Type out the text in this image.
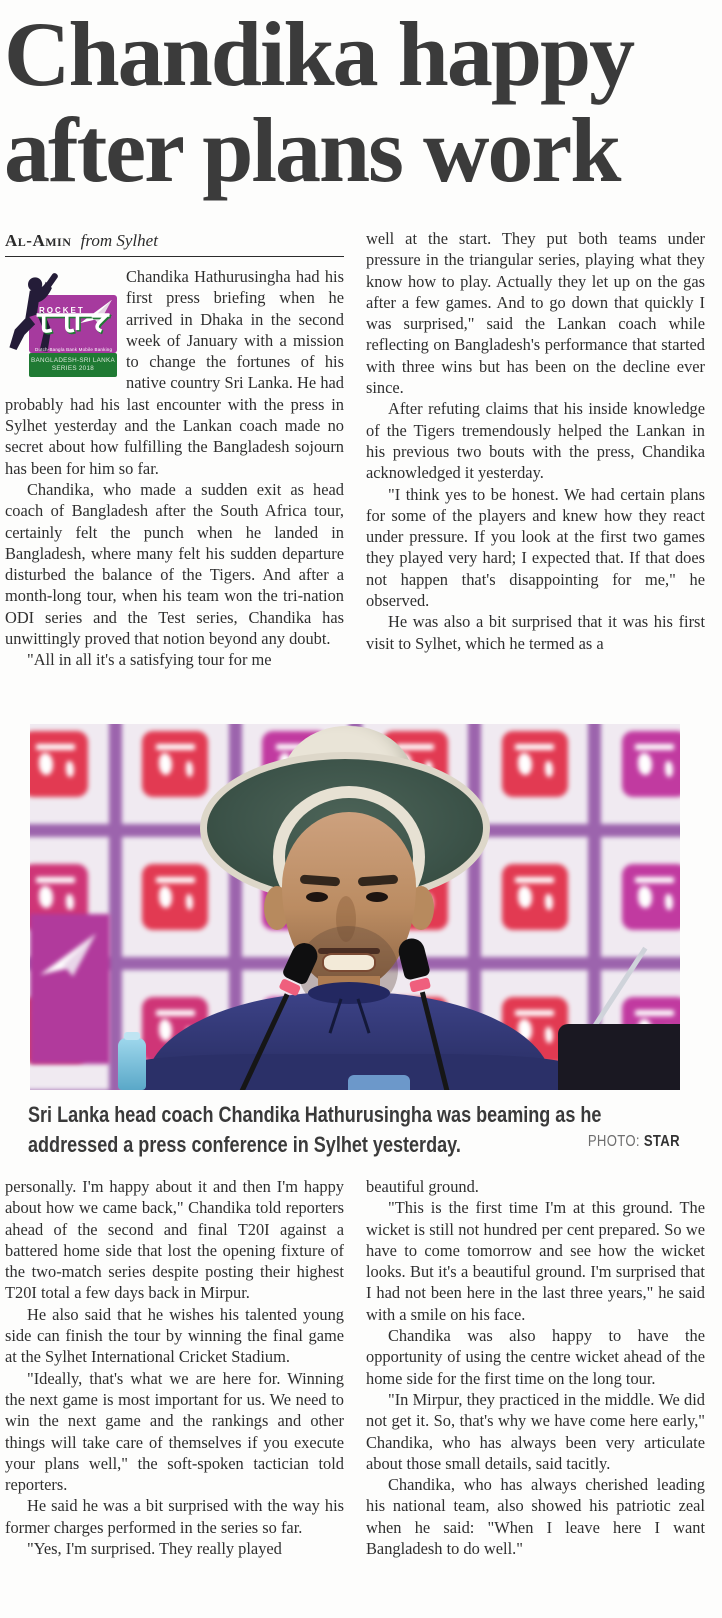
Chandika happy
after plans work
Al-Amin from Sylhet

ROCKET
Dutch-Bangla Bank Mobile Banking
BANGLADESH-SRI LANKA
SERIES 2018
Chandika Hathurusingha had his first press briefing when he arrived in Dhaka in the second week of January with a mission to change the fortunes of his native country Sri Lanka. He had probably had his last encounter with the press in Sylhet yesterday and the Lankan coach made no secret about how fulfilling the Bangladesh sojourn has been for him so far.

Chandika, who made a sudden exit as head coach of Bangladesh after the South Africa tour, certainly felt the punch when he landed in Bangladesh, where many felt his sudden departure disturbed the balance of the Tigers. And after a month-long tour, when his team won the tri-nation ODI series and the Test series, Chandika has unwittingly proved that notion beyond any doubt.

"All in all it's a satisfying tour for me

well at the start. They put both teams under pressure in the triangular series, playing what they know how to play. Actually they let up on the gas after a few games. And to go down that quickly I was surprised," said the Lankan coach while reflecting on Bangladesh's performance that started with three wins but has been on the decline ever since.

After refuting claims that his inside knowledge of the Tigers tremendously helped the Lankan in his previous two bouts with the press, Chandika acknowledged it yesterday.

"I think yes to be honest. We had certain plans for some of the players and knew how they react under pressure. If you look at the first two games they played very hard; I expected that. If that does not happen that's disappointing for me," he observed.

He was also a bit surprised that it was his first visit to Sylhet, which he termed as a

Sri Lanka head coach Chandika Hathurusingha was beaming as he addressed a press conference in Sylhet yesterday.	PHOTO: STAR

personally. I'm happy about it and then I'm happy about how we came back," Chandika told reporters ahead of the second and final T20I against a battered home side that lost the opening fixture of the two-match series despite posting their highest T20I total a few days back in Mirpur.

He also said that he wishes his talented young side can finish the tour by winning the final game at the Sylhet International Cricket Stadium.

"Ideally, that's what we are here for. Winning the next game is most important for us. We need to win the next game and the rankings and other things will take care of themselves if you execute your plans well," the soft-spoken tactician told reporters.

He said he was a bit surprised with the way his former charges performed in the series so far.

"Yes, I'm surprised. They really played

beautiful ground.

"This is the first time I'm at this ground. The wicket is still not hundred per cent prepared. So we have to come tomorrow and see how the wicket looks. But it's a beautiful ground. I'm surprised that I had not been here in the last three years," he said with a smile on his face.

Chandika was also happy to have the opportunity of using the centre wicket ahead of the home side for the first time on the long tour.

"In Mirpur, they practiced in the middle. We did not get it. So, that's why we have come here early," Chandika, who has always been very articulate about those small details, said tacitly.

Chandika, who has always cherished leading his national team, also showed his patriotic zeal when he said: "When I leave here I want Bangladesh to do well."
